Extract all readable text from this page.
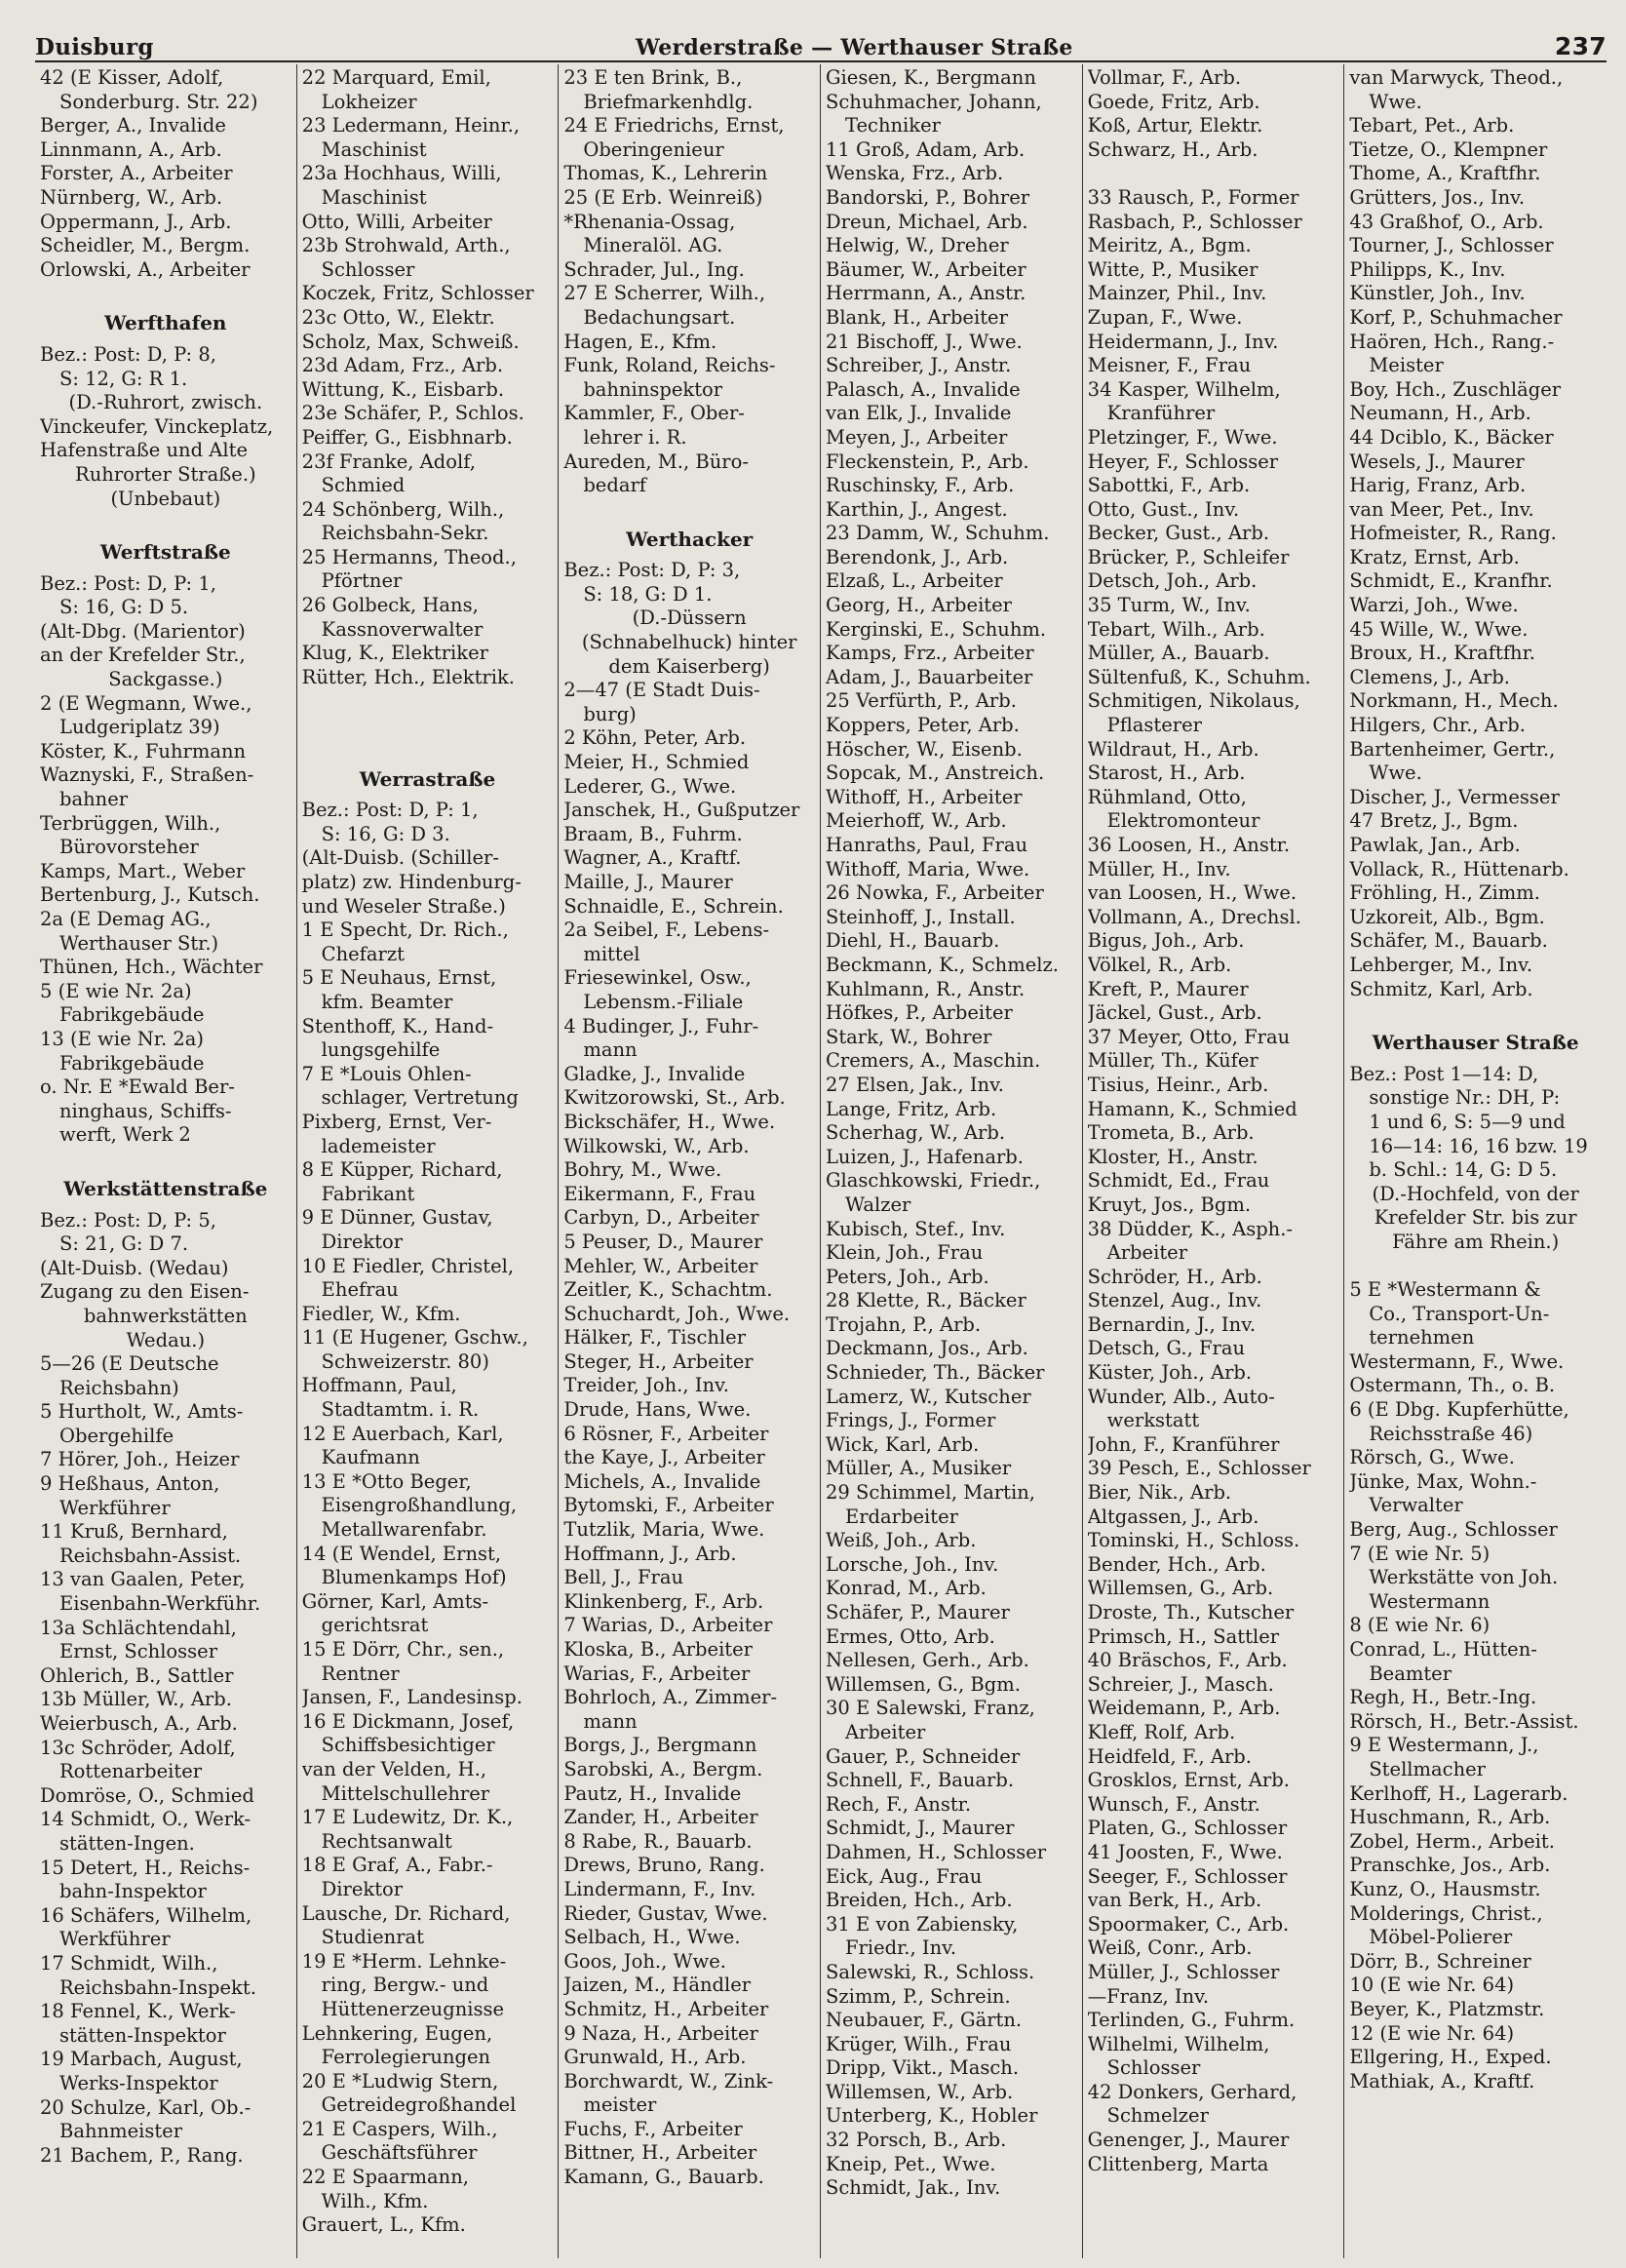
Duisburg	Werderstraße — Werthauser Straße	237
42 (E Kisser, Adolf,
Sonderburg. Str. 22)
Berger, A., Invalide
Linnmann, A., Arb.
Forster, A., Arbeiter
Nürnberg, W., Arb.
Oppermann, J., Arb.
Scheidler, M., Bergm.
Orlowski, A., Arbeiter
Werfthafen
Bez.: Post: D, P: 8,
S: 12, G: R 1.
(D.-Ruhrort, zwisch.
Vinckeufer, Vinckeplatz,
Hafenstraße und Alte
Ruhrorter Straße.)
(Unbebaut)
Werftstraße
Bez.: Post: D, P: 1,
S: 16, G: D 5.
(Alt-Dbg. (Marientor)
an der Krefelder Str.,
Sackgasse.)
2 (E Wegmann, Wwe.,
Ludgeriplatz 39)
Köster, K., Fuhrmann
Waznyski, F., Straßen-
bahner
Terbrüggen, Wilh.,
Bürovorsteher
Kamps, Mart., Weber
Bertenburg, J., Kutsch.
2a (E Demag AG.,
Werthauser Str.)
Thünen, Hch., Wächter
5 (E wie Nr. 2a)
Fabrikgebäude
13 (E wie Nr. 2a)
Fabrikgebäude
o. Nr. E *Ewald Ber-
ninghaus, Schiffs-
werft, Werk 2
Werkstättenstraße
Bez.: Post: D, P: 5,
S: 21, G: D 7.
(Alt-Duisb. (Wedau)
Zugang zu den Eisen-
bahnwerkstätten
Wedau.)
5—26 (E Deutsche
Reichsbahn)
5 Hurtholt, W., Amts-
Obergehilfe
7 Hörer, Joh., Heizer
9 Heßhaus, Anton,
Werkführer
11 Kruß, Bernhard,
Reichsbahn-Assist.
13 van Gaalen, Peter,
Eisenbahn-Werkführ.
13a Schlächtendahl,
Ernst, Schlosser
Ohlerich, B., Sattler
13b Müller, W., Arb.
Weierbusch, A., Arb.
13c Schröder, Adolf,
Rottenarbeiter
Domröse, O., Schmied
14 Schmidt, O., Werk-
stätten-Ingen.
15 Detert, H., Reichs-
bahn-Inspektor
16 Schäfers, Wilhelm,
Werkführer
17 Schmidt, Wilh.,
Reichsbahn-Inspekt.
18 Fennel, K., Werk-
stätten-Inspektor
19 Marbach, August,
Werks-Inspektor
20 Schulze, Karl, Ob.-
Bahnmeister
21 Bachem, P., Rang.
22 Marquard, Emil,
Lokheizer
23 Ledermann, Heinr.,
Maschinist
23a Hochhaus, Willi,
Maschinist
Otto, Willi, Arbeiter
23b Strohwald, Arth.,
Schlosser
Koczek, Fritz, Schlosser
23c Otto, W., Elektr.
Scholz, Max, Schweiß.
23d Adam, Frz., Arb.
Wittung, K., Eisbarb.
23e Schäfer, P., Schlos.
Peiffer, G., Eisbhnarb.
23f Franke, Adolf,
Schmied
24 Schönberg, Wilh.,
Reichsbahn-Sekr.
25 Hermanns, Theod.,
Pförtner
26 Golbeck, Hans,
Kassnoverwalter
Klug, K., Elektriker
Rütter, Hch., Elektrik.
Werrastraße
Bez.: Post: D, P: 1,
S: 16, G: D 3.
(Alt-Duisb. (Schiller-
platz) zw. Hindenburg-
und Weseler Straße.)
1 E Specht, Dr. Rich.,
Chefarzt
5 E Neuhaus, Ernst,
kfm. Beamter
Stenthoff, K., Hand-
lungsgehilfe
7 E *Louis Ohlen-
schlager, Vertretung
Pixberg, Ernst, Ver-
lademeister
8 E Küpper, Richard,
Fabrikant
9 E Dünner, Gustav,
Direktor
10 E Fiedler, Christel,
Ehefrau
Fiedler, W., Kfm.
11 (E Hugener, Gschw.,
Schweizerstr. 80)
Hoffmann, Paul,
Stadtamtm. i. R.
12 E Auerbach, Karl,
Kaufmann
13 E *Otto Beger,
Eisengroßhandlung,
Metallwarenfabr.
14 (E Wendel, Ernst,
Blumenkamps Hof)
Görner, Karl, Amts-
gerichtsrat
15 E Dörr, Chr., sen.,
Rentner
Jansen, F., Landesinsp.
16 E Dickmann, Josef,
Schiffsbesichtiger
van der Velden, H.,
Mittelschullehrer
17 E Ludewitz, Dr. K.,
Rechtsanwalt
18 E Graf, A., Fabr.-
Direktor
Lausche, Dr. Richard,
Studienrat
19 E *Herm. Lehnke-
ring, Bergw.- und
Hüttenerzeugnisse
Lehnkering, Eugen,
Ferrolegierungen
20 E *Ludwig Stern,
Getreidegroßhandel
21 E Caspers, Wilh.,
Geschäftsführer
22 E Spaarmann,
Wilh., Kfm.
Grauert, L., Kfm.
23 E ten Brink, B.,
Briefmarkenhdlg.
24 E Friedrichs, Ernst,
Oberingenieur
Thomas, K., Lehrerin
25 (E Erb. Weinreiß)
*Rhenania-Ossag,
Mineralöl. AG.
Schrader, Jul., Ing.
27 E Scherrer, Wilh.,
Bedachungsart.
Hagen, E., Kfm.
Funk, Roland, Reichs-
bahninspektor
Kammler, F., Ober-
lehrer i. R.
Aureden, M., Büro-
bedarf
Werthacker
Bez.: Post: D, P: 3,
S: 18, G: D 1.
(D.-Düssern
(Schnabelhuck) hinter
dem Kaiserberg)
2—47 (E Stadt Duis-
burg)
2 Köhn, Peter, Arb.
Meier, H., Schmied
Lederer, G., Wwe.
Janschek, H., Gußputzer
Braam, B., Fuhrm.
Wagner, A., Kraftf.
Maille, J., Maurer
Schnaidle, E., Schrein.
2a Seibel, F., Lebens-
mittel
Friesewinkel, Osw.,
Lebensm.-Filiale
4 Budinger, J., Fuhr-
mann
Gladke, J., Invalide
Kwitzorowski, St., Arb.
Bickschäfer, H., Wwe.
Wilkowski, W., Arb.
Bohry, M., Wwe.
Eikermann, F., Frau
Carbyn, D., Arbeiter
5 Peuser, D., Maurer
Mehler, W., Arbeiter
Zeitler, K., Schachtm.
Schuchardt, Joh., Wwe.
Hälker, F., Tischler
Steger, H., Arbeiter
Treider, Joh., Inv.
Drude, Hans, Wwe.
6 Rösner, F., Arbeiter
the Kaye, J., Arbeiter
Michels, A., Invalide
Bytomski, F., Arbeiter
Tutzlik, Maria, Wwe.
Hoffmann, J., Arb.
Bell, J., Frau
Klinkenberg, F., Arb.
7 Warias, D., Arbeiter
Kloska, B., Arbeiter
Warias, F., Arbeiter
Bohrloch, A., Zimmer-
mann
Borgs, J., Bergmann
Sarobski, A., Bergm.
Pautz, H., Invalide
Zander, H., Arbeiter
8 Rabe, R., Bauarb.
Drews, Bruno, Rang.
Lindermann, F., Inv.
Rieder, Gustav, Wwe.
Selbach, H., Wwe.
Goos, Joh., Wwe.
Jaizen, M., Händler
Schmitz, H., Arbeiter
9 Naza, H., Arbeiter
Grunwald, H., Arb.
Borchwardt, W., Zink-
meister
Fuchs, F., Arbeiter
Bittner, H., Arbeiter
Kamann, G., Bauarb.
Giesen, K., Bergmann
Schuhmacher, Johann,
Techniker
11 Groß, Adam, Arb.
Wenska, Frz., Arb.
Bandorski, P., Bohrer
Dreun, Michael, Arb.
Helwig, W., Dreher
Bäumer, W., Arbeiter
Herrmann, A., Anstr.
Blank, H., Arbeiter
21 Bischoff, J., Wwe.
Schreiber, J., Anstr.
Palasch, A., Invalide
van Elk, J., Invalide
Meyen, J., Arbeiter
Fleckenstein, P., Arb.
Ruschinsky, F., Arb.
Karthin, J., Angest.
23 Damm, W., Schuhm.
Berendonk, J., Arb.
Elzaß, L., Arbeiter
Georg, H., Arbeiter
Kerginski, E., Schuhm.
Kamps, Frz., Arbeiter
Adam, J., Bauarbeiter
25 Verfürth, P., Arb.
Koppers, Peter, Arb.
Höscher, W., Eisenb.
Sopcak, M., Anstreich.
Withoff, H., Arbeiter
Meierhoff, W., Arb.
Hanraths, Paul, Frau
Withoff, Maria, Wwe.
26 Nowka, F., Arbeiter
Steinhoff, J., Install.
Diehl, H., Bauarb.
Beckmann, K., Schmelz.
Kuhlmann, R., Anstr.
Höfkes, P., Arbeiter
Stark, W., Bohrer
Cremers, A., Maschin.
27 Elsen, Jak., Inv.
Lange, Fritz, Arb.
Scherhag, W., Arb.
Luizen, J., Hafenarb.
Glaschkowski, Friedr.,
Walzer
Kubisch, Stef., Inv.
Klein, Joh., Frau
Peters, Joh., Arb.
28 Klette, R., Bäcker
Trojahn, P., Arb.
Deckmann, Jos., Arb.
Schnieder, Th., Bäcker
Lamerz, W., Kutscher
Frings, J., Former
Wick, Karl, Arb.
Müller, A., Musiker
29 Schimmel, Martin,
Erdarbeiter
Weiß, Joh., Arb.
Lorsche, Joh., Inv.
Konrad, M., Arb.
Schäfer, P., Maurer
Ermes, Otto, Arb.
Nellesen, Gerh., Arb.
Willemsen, G., Bgm.
30 E Salewski, Franz,
Arbeiter
Gauer, P., Schneider
Schnell, F., Bauarb.
Rech, F., Anstr.
Schmidt, J., Maurer
Dahmen, H., Schlosser
Eick, Aug., Frau
Breiden, Hch., Arb.
31 E von Zabiensky,
Friedr., Inv.
Salewski, R., Schloss.
Szimm, P., Schrein.
Neubauer, F., Gärtn.
Krüger, Wilh., Frau
Dripp, Vikt., Masch.
Willemsen, W., Arb.
Unterberg, K., Hobler
32 Porsch, B., Arb.
Kneip, Pet., Wwe.
Schmidt, Jak., Inv.
Vollmar, F., Arb.
Goede, Fritz, Arb.
Koß, Artur, Elektr.
Schwarz, H., Arb.
33 Rausch, P., Former
Rasbach, P., Schlosser
Meiritz, A., Bgm.
Witte, P., Musiker
Mainzer, Phil., Inv.
Zupan, F., Wwe.
Heidermann, J., Inv.
Meisner, F., Frau
34 Kasper, Wilhelm,
Kranführer
Pletzinger, F., Wwe.
Heyer, F., Schlosser
Sabottki, F., Arb.
Otto, Gust., Inv.
Becker, Gust., Arb.
Brücker, P., Schleifer
Detsch, Joh., Arb.
35 Turm, W., Inv.
Tebart, Wilh., Arb.
Müller, A., Bauarb.
Sültenfuß, K., Schuhm.
Schmitigen, Nikolaus,
Pflasterer
Wildraut, H., Arb.
Starost, H., Arb.
Rühmland, Otto,
Elektromonteur
36 Loosen, H., Anstr.
Müller, H., Inv.
van Loosen, H., Wwe.
Vollmann, A., Drechsl.
Bigus, Joh., Arb.
Völkel, R., Arb.
Kreft, P., Maurer
Jäckel, Gust., Arb.
37 Meyer, Otto, Frau
Müller, Th., Küfer
Tisius, Heinr., Arb.
Hamann, K., Schmied
Trometa, B., Arb.
Kloster, H., Anstr.
Schmidt, Ed., Frau
Kruyt, Jos., Bgm.
38 Düdder, K., Asph.-
Arbeiter
Schröder, H., Arb.
Stenzel, Aug., Inv.
Bernardin, J., Inv.
Detsch, G., Frau
Küster, Joh., Arb.
Wunder, Alb., Auto-
werkstatt
John, F., Kranführer
39 Pesch, E., Schlosser
Bier, Nik., Arb.
Altgassen, J., Arb.
Tominski, H., Schloss.
Bender, Hch., Arb.
Willemsen, G., Arb.
Droste, Th., Kutscher
Primsch, H., Sattler
40 Bräschos, F., Arb.
Schreier, J., Masch.
Weidemann, P., Arb.
Kleff, Rolf, Arb.
Heidfeld, F., Arb.
Grosklos, Ernst, Arb.
Wunsch, F., Anstr.
Platen, G., Schlosser
41 Joosten, F., Wwe.
Seeger, F., Schlosser
van Berk, H., Arb.
Spoormaker, C., Arb.
Weiß, Conr., Arb.
Müller, J., Schlosser
—Franz, Inv.
Terlinden, G., Fuhrm.
Wilhelmi, Wilhelm,
Schlosser
42 Donkers, Gerhard,
Schmelzer
Genenger, J., Maurer
Clittenberg, Marta
van Marwyck, Theod.,
Wwe.
Tebart, Pet., Arb.
Tietze, O., Klempner
Thome, A., Kraftfhr.
Grütters, Jos., Inv.
43 Graßhof, O., Arb.
Tourner, J., Schlosser
Philipps, K., Inv.
Künstler, Joh., Inv.
Korf, P., Schuhmacher
Haören, Hch., Rang.-
Meister
Boy, Hch., Zuschläger
Neumann, H., Arb.
44 Dciblo, K., Bäcker
Wesels, J., Maurer
Harig, Franz, Arb.
van Meer, Pet., Inv.
Hofmeister, R., Rang.
Kratz, Ernst, Arb.
Schmidt, E., Kranfhr.
Warzi, Joh., Wwe.
45 Wille, W., Wwe.
Broux, H., Kraftfhr.
Clemens, J., Arb.
Norkmann, H., Mech.
Hilgers, Chr., Arb.
Bartenheimer, Gertr.,
Wwe.
Discher, J., Vermesser
47 Bretz, J., Bgm.
Pawlak, Jan., Arb.
Vollack, R., Hüttenarb.
Fröhling, H., Zimm.
Uzkoreit, Alb., Bgm.
Schäfer, M., Bauarb.
Lehberger, M., Inv.
Schmitz, Karl, Arb.
Werthauser Straße
Bez.: Post 1—14: D,
sonstige Nr.: DH, P:
1 und 6, S: 5—9 und
16—14: 16, 16 bzw. 19
b. Schl.: 14, G: D 5.
(D.-Hochfeld, von der
Krefelder Str. bis zur
Fähre am Rhein.)
5 E *Westermann &
Co., Transport-Un-
ternehmen
Westermann, F., Wwe.
Ostermann, Th., o. B.
6 (E Dbg. Kupferhütte,
Reichsstraße 46)
Rörsch, G., Wwe.
Jünke, Max, Wohn.-
Verwalter
Berg, Aug., Schlosser
7 (E wie Nr. 5)
Werkstätte von Joh.
Westermann
8 (E wie Nr. 6)
Conrad, L., Hütten-
Beamter
Regh, H., Betr.-Ing.
Rörsch, H., Betr.-Assist.
9 E Westermann, J.,
Stellmacher
Kerlhoff, H., Lagerarb.
Huschmann, R., Arb.
Zobel, Herm., Arbeit.
Pranschke, Jos., Arb.
Kunz, O., Hausmstr.
Molderings, Christ.,
Möbel-Polierer
Dörr, B., Schreiner
10 (E wie Nr. 64)
Beyer, K., Platzmstr.
12 (E wie Nr. 64)
Ellgering, H., Exped.
Mathiak, A., Kraftf.
